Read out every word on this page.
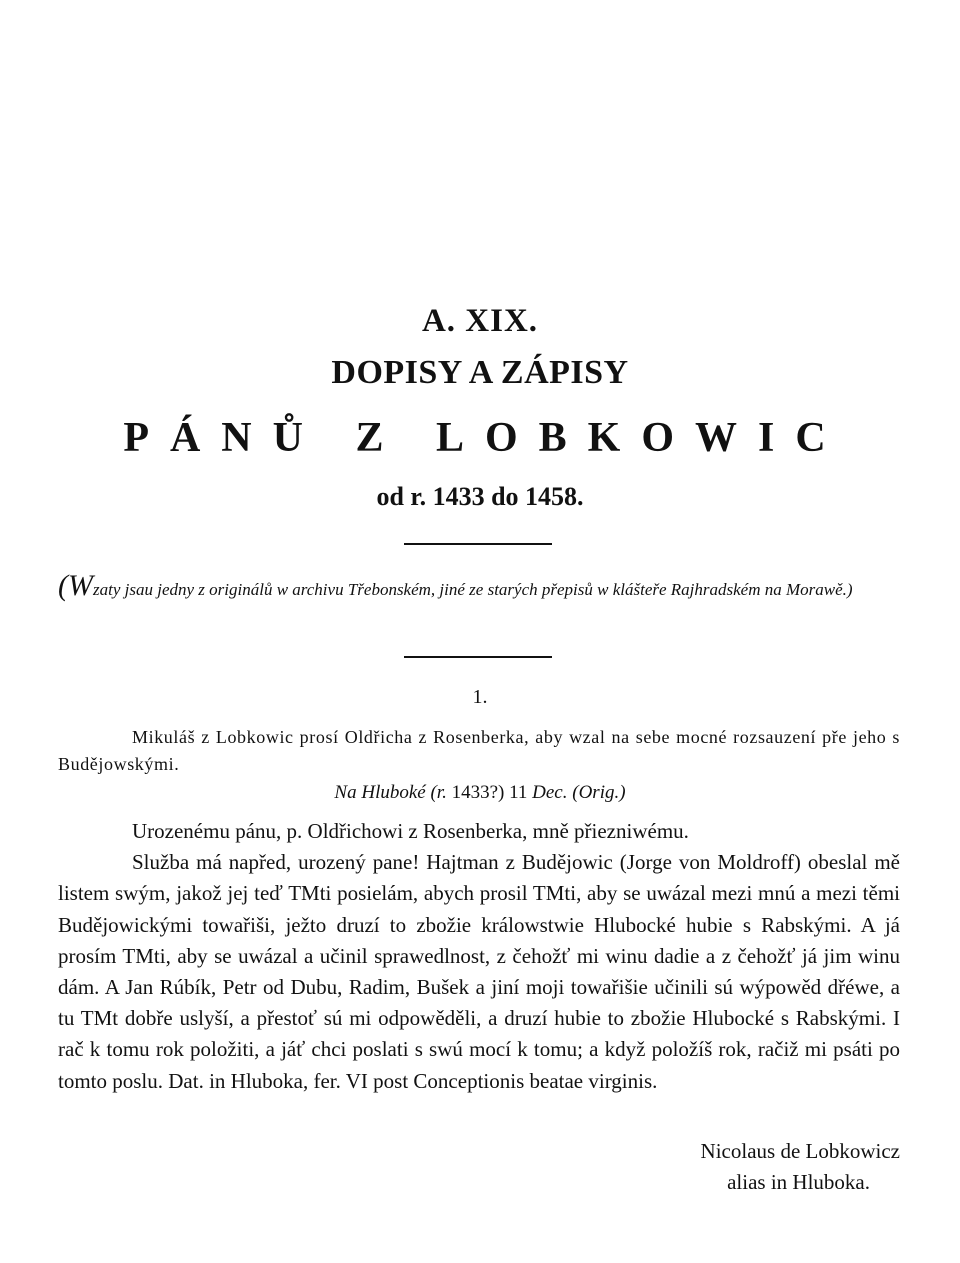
A. XIX.
DOPISY A ZÁPISY
PÁNŮ Z LOBKOWIC
od r. 1433 do 1458.
(Wzaty jsau jedny z originálů w archivu Třebonském, jiné ze starých přepisů w klášteře Rajhradském na Morawě.)
1.
Mikuláš z Lobkowic prosí Oldřicha z Rosenberka, aby wzal na sebe mocné rozsauzení pře jeho s Budějowskými.
Na Hluboké (r. 1433?) 11 Dec. (Orig.)

Urozenému pánu, p. Oldřichowi z Rosenberka, mně přiezniwému.

Služba má napřed, urozený pane! Hajtman z Budějowic (Jorge von Moldroff) obeslal mě listem swým, jakož jej teď TMti posielám, abych prosil TMti, aby se uwázal mezi mnú a mezi těmi Budějowickými towařiši, ježto druzí to zbožie králowstwie Hlubocké hubie s Rabskými. A já prosím TMti, aby se uwázal a učinil sprawedlnost, z čehožť mi winu dadie a z čehožť já jim winu dám. A Jan Rúbík, Petr od Dubu, Radim, Bušek a jiní moji towařišie učinili sú wýpowěd dřéwe, a tu TMt dobře uslyší, a přestoť sú mi odpowěděli, a druzí hubie to zbožie Hlubocké s Rabskými. I rač k tomu rok položiti, a jáť chci poslati s swú mocí k tomu; a když položíš rok, račiž mi psáti po tomto poslu. Dat. in Hluboka, fer. VI post Conceptionis beatae virginis.

Nicolaus de Lobkowicz
alias in Hluboka.
